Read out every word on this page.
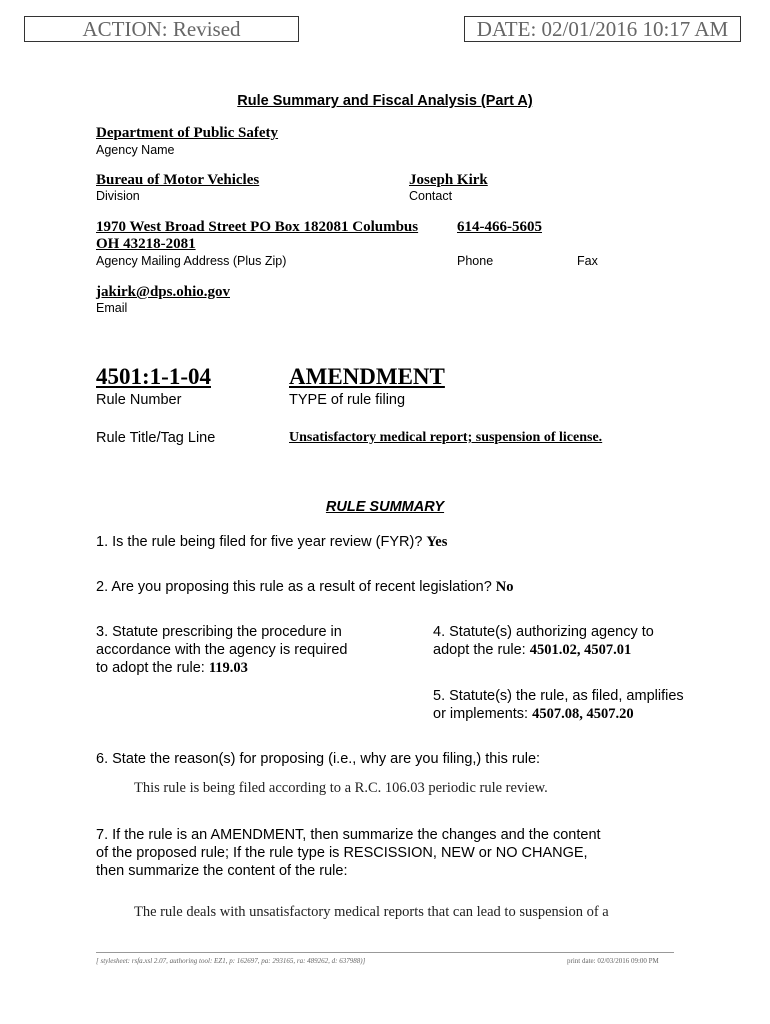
ACTION: Revised	DATE: 02/01/2016 10:17 AM
Rule Summary and Fiscal Analysis (Part A)
Department of Public Safety
Agency Name
Bureau of Motor Vehicles
Division
Joseph Kirk
Contact
1970 West Broad Street PO Box 182081 Columbus
OH 43218-2081
Agency Mailing Address (Plus Zip)
614-466-5605
Phone	Fax
jakirk@dps.ohio.gov
Email
4501:1-1-04
Rule Number
AMENDMENT
TYPE of rule filing
Rule Title/Tag Line	Unsatisfactory medical report; suspension of license.
RULE SUMMARY
1. Is the rule being filed for five year review (FYR)? Yes
2. Are you proposing this rule as a result of recent legislation? No
3. Statute prescribing the procedure in
accordance with the agency is required
to adopt the rule: 119.03
4. Statute(s) authorizing agency to
adopt the rule: 4501.02, 4507.01
5. Statute(s) the rule, as filed, amplifies
or implements: 4507.08, 4507.20
6. State the reason(s) for proposing (i.e., why are you filing,) this rule:
This rule is being filed according to a R.C. 106.03 periodic rule review.
7. If the rule is an AMENDMENT, then summarize the changes and the content
of the proposed rule; If the rule type is RESCISSION, NEW or NO CHANGE,
then summarize the content of the rule:
The rule deals with unsatisfactory medical reports that can lead to suspension of a
[ stylesheet: rsfa.xsl 2.07, authoring tool: EZ1, p: 162697, pa: 293165, ra: 489262, d: 637988)]	print date: 02/03/2016 09:00 PM
